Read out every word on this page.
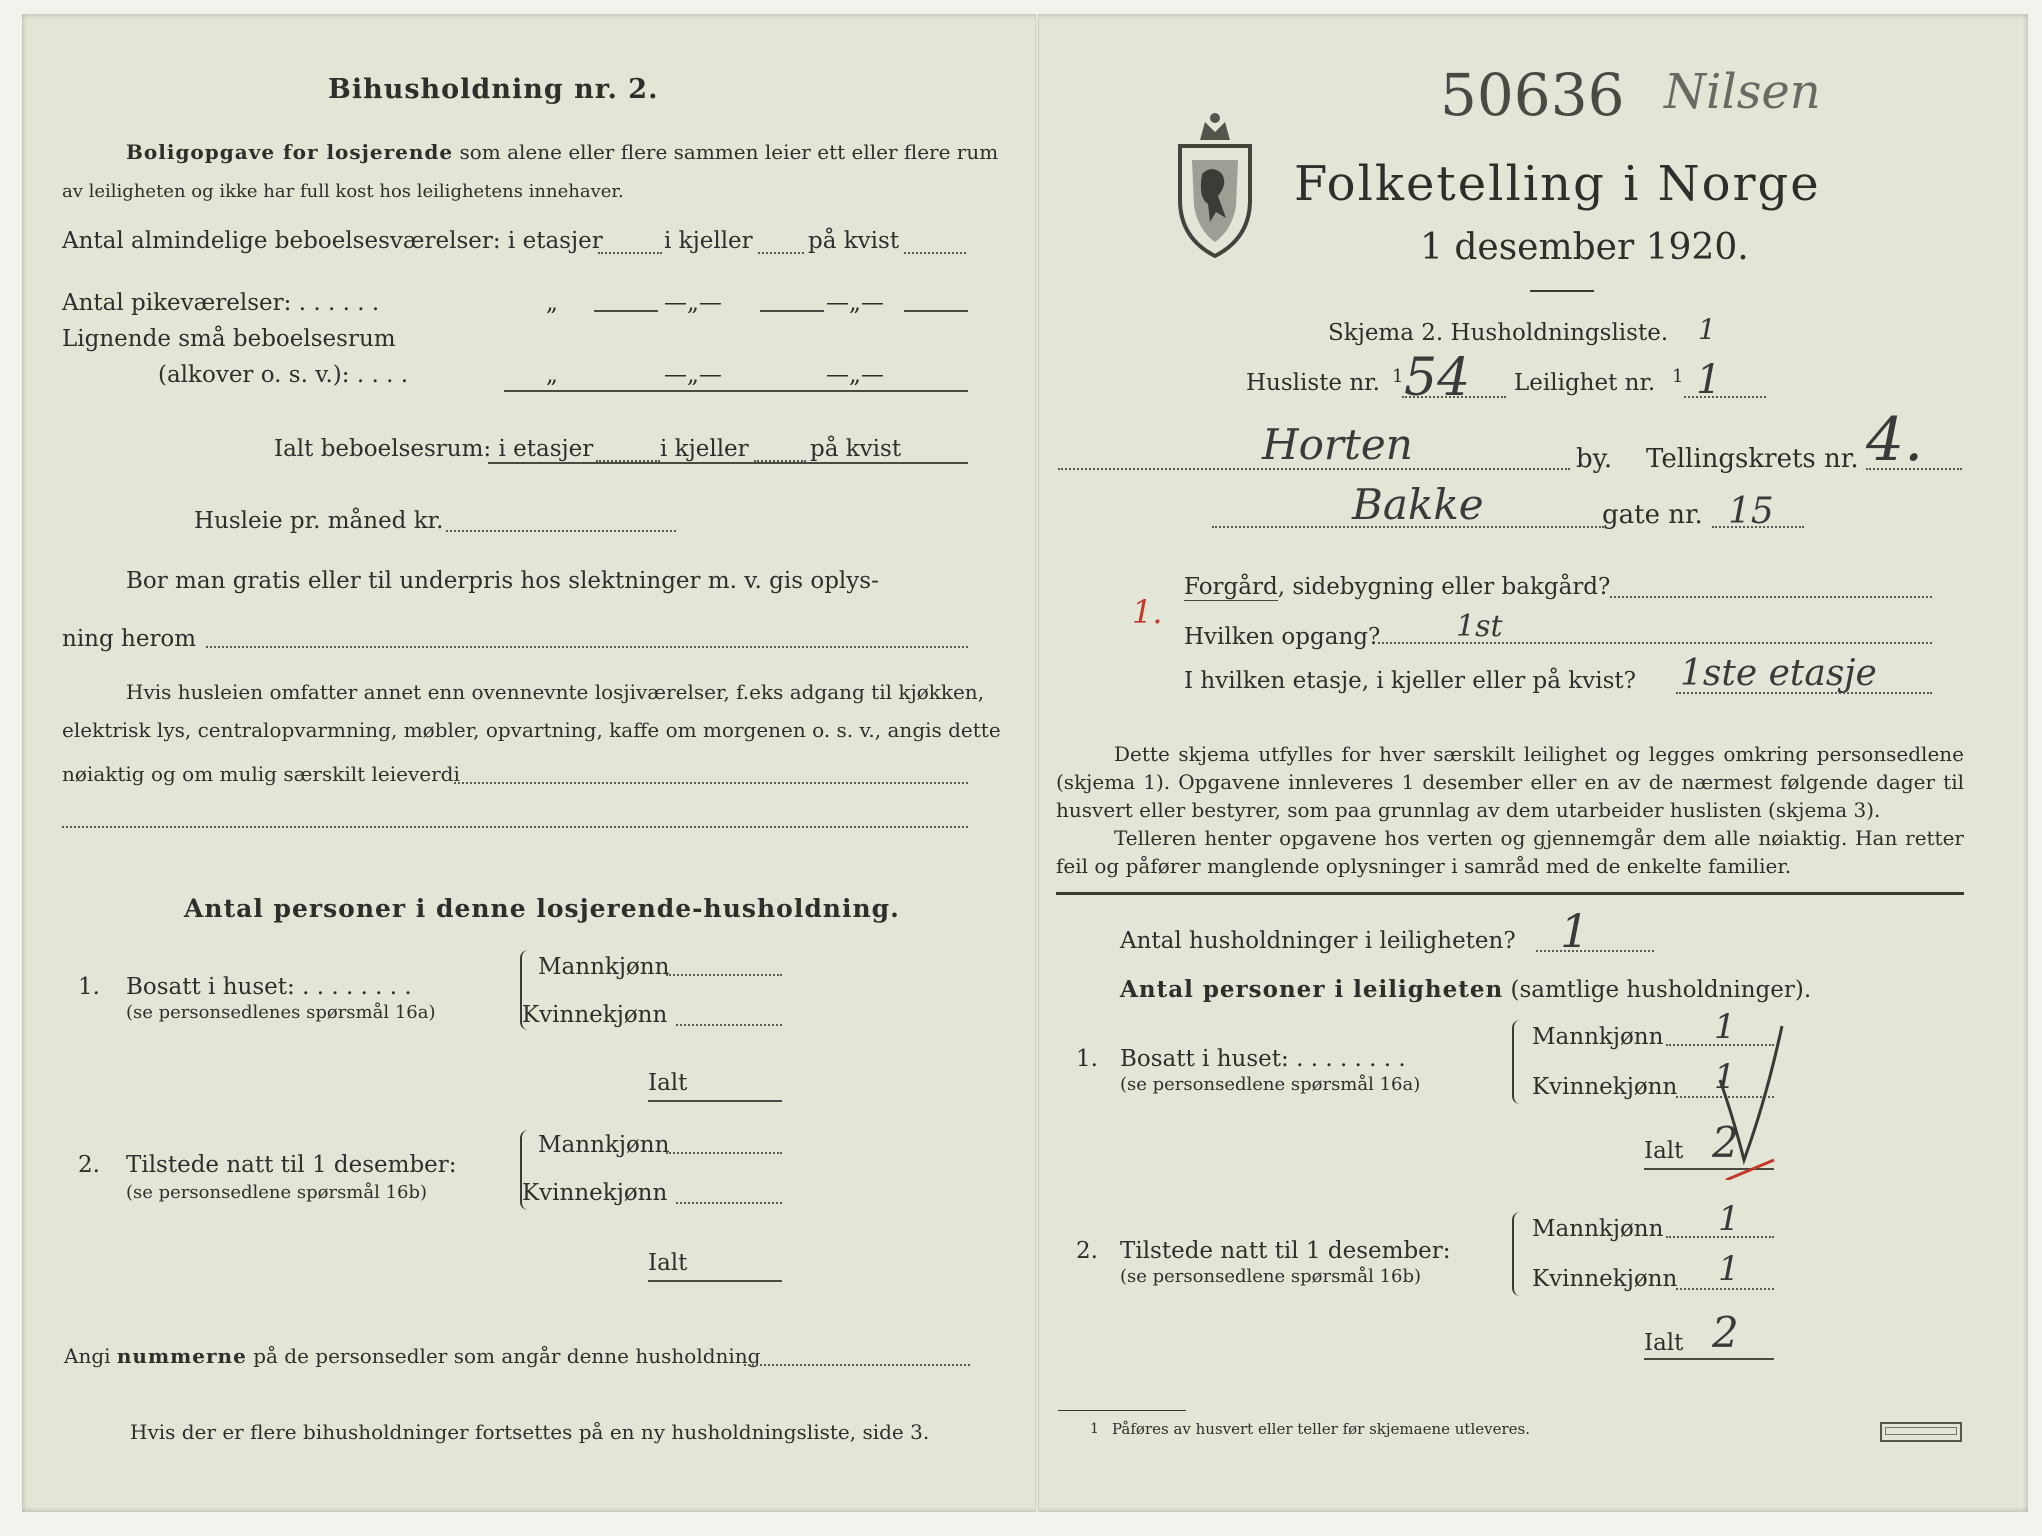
Bihusholdning nr. 2.
Boligopgave for losjerende som alene eller flere sammen leier ett eller flere rum
av leiligheten og ikke har full kost hos leilighetens innehaver.
Antal almindelige beboelsesværelser: i etasjer	i kjeller på kvist
Antal pikeværelser: . . . . . .	„	—„—	—„—
Lignende små beboelsesrum
(alkover o. s. v.): . . . .	„	—„—	—„—
Ialt beboelsesrum: i etasjer	i kjeller	på kvist
Husleie pr. måned kr.
Bor man gratis eller til underpris hos slektninger m. v. gis oplys-
ning herom
Hvis husleien omfatter annet enn ovennevnte losjiværelser, f.eks adgang til kjøkken,
elektrisk lys, centralopvarmning, møbler, opvartning, kaffe om morgenen o. s. v., angis dette
nøiaktig og om mulig særskilt leieverdi
Antal personer i denne losjerende-husholdning.
1. Bosatt i huset: . . . . . . . .
(se personsedlenes spørsmål 16a)
Mannkjønn
Kvinnekjønn
Ialt
2. Tilstede natt til 1 desember:
(se personsedlene spørsmål 16b)
Mannkjønn
Kvinnekjønn
Ialt
Angi nummerne på de personsedler som angår denne husholdning
Hvis der er flere bihusholdninger fortsettes på en ny husholdningsliste, side 3.
50636 Nilsen
Folketelling i Norge
1 desember 1920.
Skjema 2. Husholdningsliste. 1
Husliste nr. 1 54 Leilighet nr. 1 1
Horten	by. Tellingskrets nr. 4.
Bakke	gate nr. 15
1.
Forgård, sidebygning eller bakgård?
Hvilken opgang?	1st
I hvilken etasje, i kjeller eller på kvist? 1ste etasje
Dette skjema utfylles for hver særskilt leilighet og legges omkring personsedlene (skjema 1). Opgavene innleveres 1 desember eller en av de nærmest følgende dager til husvert eller bestyrer, som paa grunnlag av dem utarbeider huslisten (skjema 3).
Telleren henter opgavene hos verten og gjennemgår dem alle nøiaktig. Han retter feil og påfører manglende oplysninger i samråd med de enkelte familier.
Antal husholdninger i leiligheten? 1
Antal personer i leiligheten (samtlige husholdninger).
1. Bosatt i huset: . . . . . . . .
(se personsedlene spørsmål 16a)
Mannkjønn 1
Kvinnekjønn 1
Ialt 2
2. Tilstede natt til 1 desember:
(se personsedlene spørsmål 16b)
Mannkjønn 1
Kvinnekjønn 1
Ialt 2
1 Påføres av husvert eller teller før skjemaene utleveres.
